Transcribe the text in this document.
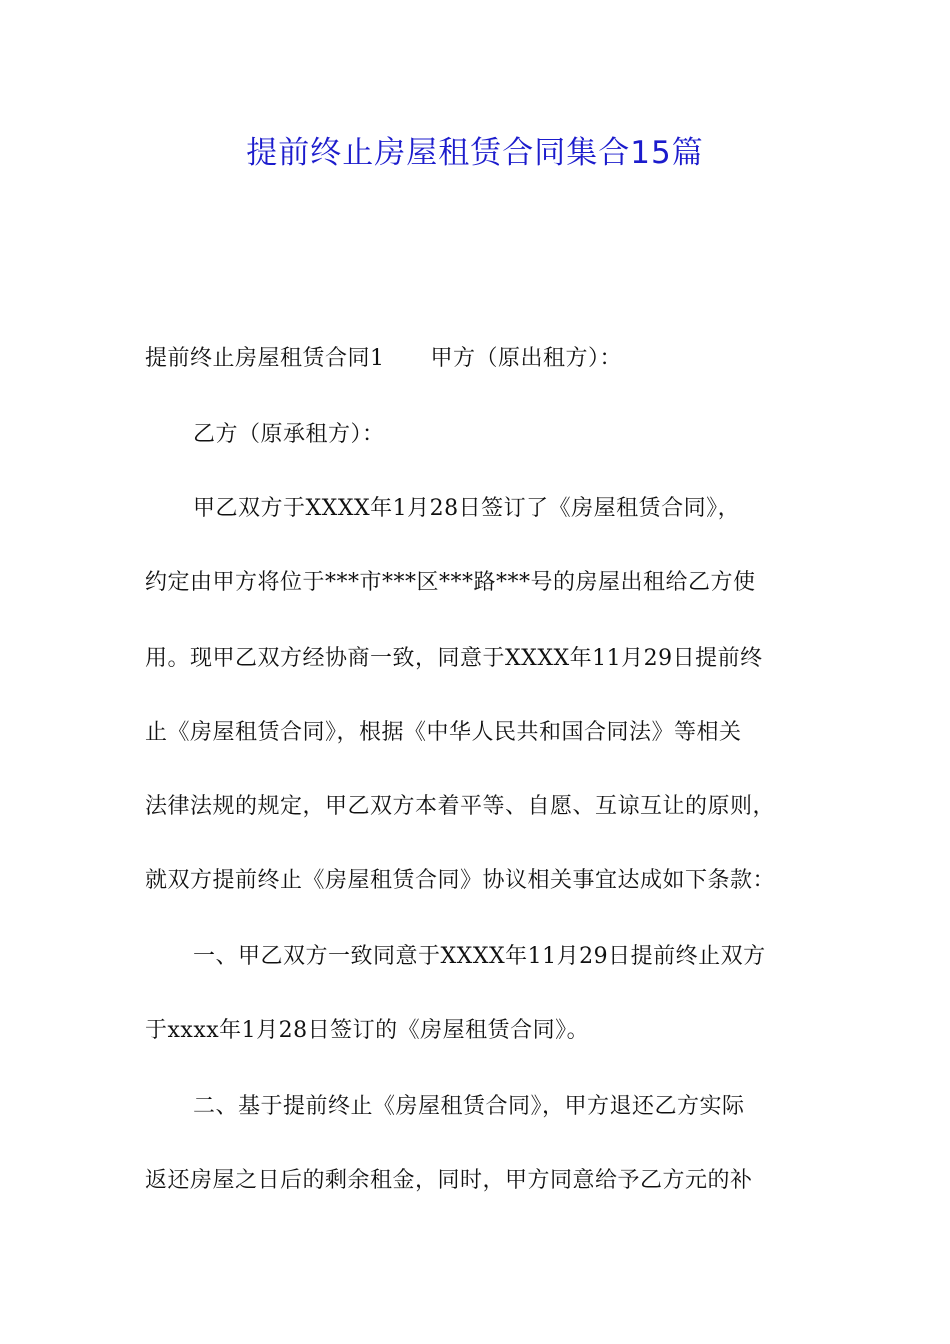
提前终止房屋租赁合同集合15篇
提前终止房屋租赁合同1 甲方（原出租方）：
乙方（原承租方）：
甲乙双方于XXXX年1月28日签订了《房屋租赁合同》，
约定由甲方将位于***市***区***路***号的房屋出租给乙方使
用。现甲乙双方经协商一致，同意于XXXX年11月29日提前终
止《房屋租赁合同》，根据《中华人民共和国合同法》等相关
法律法规的规定，甲乙双方本着平等、自愿、互谅互让的原则，
就双方提前终止《房屋租赁合同》协议相关事宜达成如下条款：
一、甲乙双方一致同意于XXXX年11月29日提前终止双方
于xxxx年1月28日签订的《房屋租赁合同》。
二、基于提前终止《房屋租赁合同》，甲方退还乙方实际
返还房屋之日后的剩余租金，同时，甲方同意给予乙方元的补
